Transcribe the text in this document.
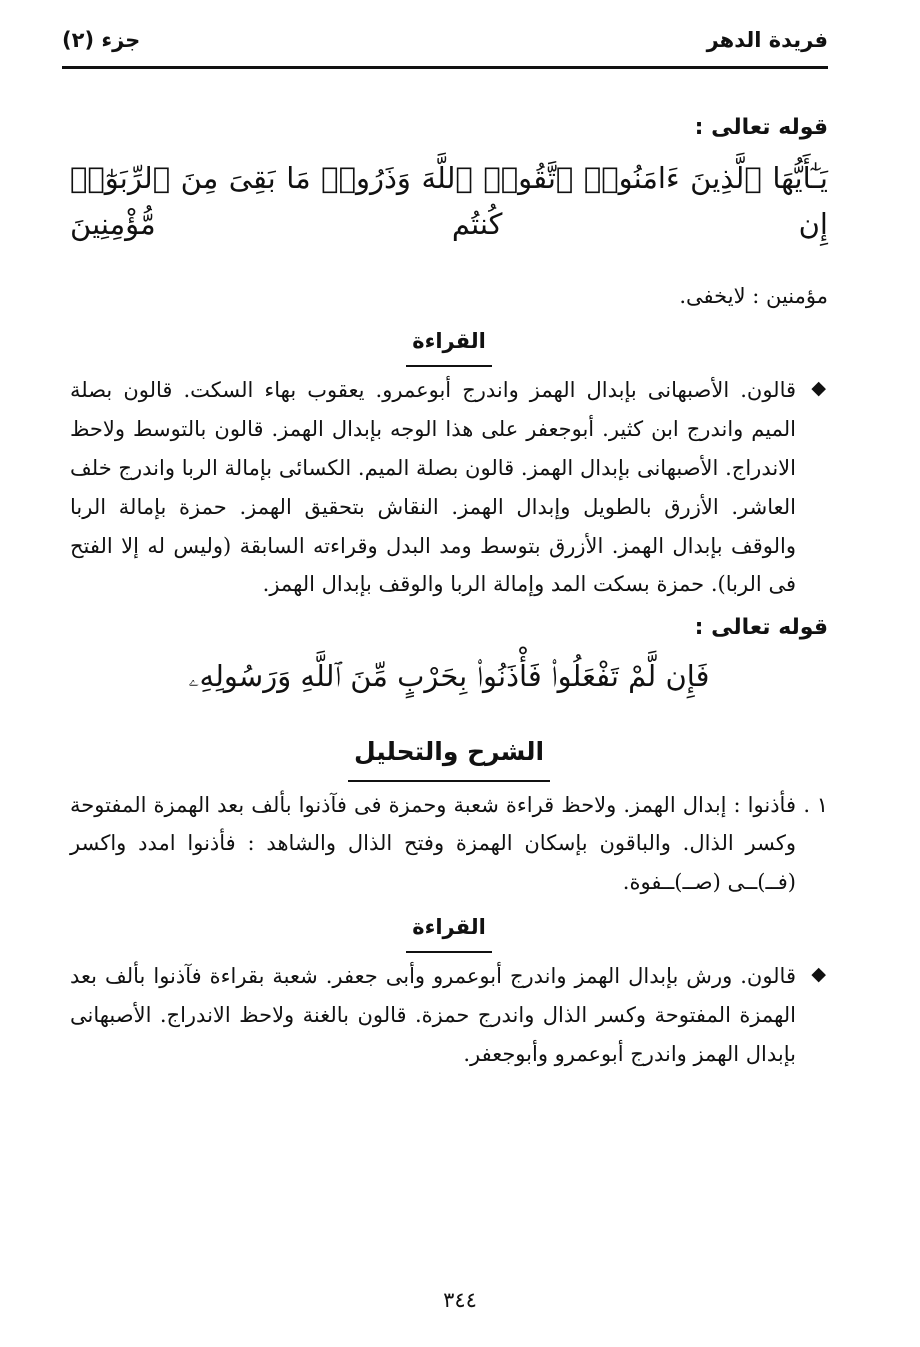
فريدة الدهر
جزء (٢)

قوله تعالى :

يَـٰٓأَيُّهَا ٱلَّذِينَ ءَامَنُوا۟ ٱتَّقُوا۟ ٱللَّهَ وَذَرُوا۟ مَا بَقِىَ مِنَ ٱلرِّبَوٰٓا۟ إِن كُنتُم مُّؤْمِنِينَ

مؤمنين : لايخفى.

القراءة
◆
قالون. الأصبهانى بإبدال الهمز واندرج أبوعمرو. يعقوب بهاء السكت. قالون بصلة الميم واندرج ابن كثير. أبوجعفر على هذا الوجه بإبدال الهمز. قالون بالتوسط ولاحظ الاندراج. الأصبهانى بإبدال الهمز. قالون بصلة الميم. الكسائى بإمالة الربا واندرج خلف العاشر. الأزرق بالطويل وإبدال الهمز. النقاش بتحقيق الهمز. حمزة بإمالة الربا والوقف بإبدال الهمز. الأزرق بتوسط ومد البدل وقراءته السابقة (وليس له إلا الفتح فى الربا). حمزة بسكت المد وإمالة الربا والوقف بإبدال الهمز.

قوله تعالى :

فَإِن لَّمْ تَفْعَلُوا۟ فَأْذَنُوا۟ بِحَرْبٍ مِّنَ ٱللَّهِ وَرَسُولِهِۦ

الشرح والتحليل
١ .
فأذنوا : إبدال الهمز. ولاحظ قراءة شعبة وحمزة فى فآذنوا بألف بعد الهمزة المفتوحة وكسر الذال. والباقون بإسكان الهمزة وفتح الذال والشاهد : فأذنوا امدد واكسر (فــ)ــى (صــ)ــفوة.
القراءة
◆
قالون. ورش بإبدال الهمز واندرج أبوعمرو وأبى جعفر. شعبة بقراءة فآذنوا بألف بعد الهمزة المفتوحة وكسر الذال واندرج حمزة. قالون بالغنة ولاحظ الاندراج. الأصبهانى بإبدال الهمز واندرج أبوعمرو وأبوجعفر.
٣٤٤
